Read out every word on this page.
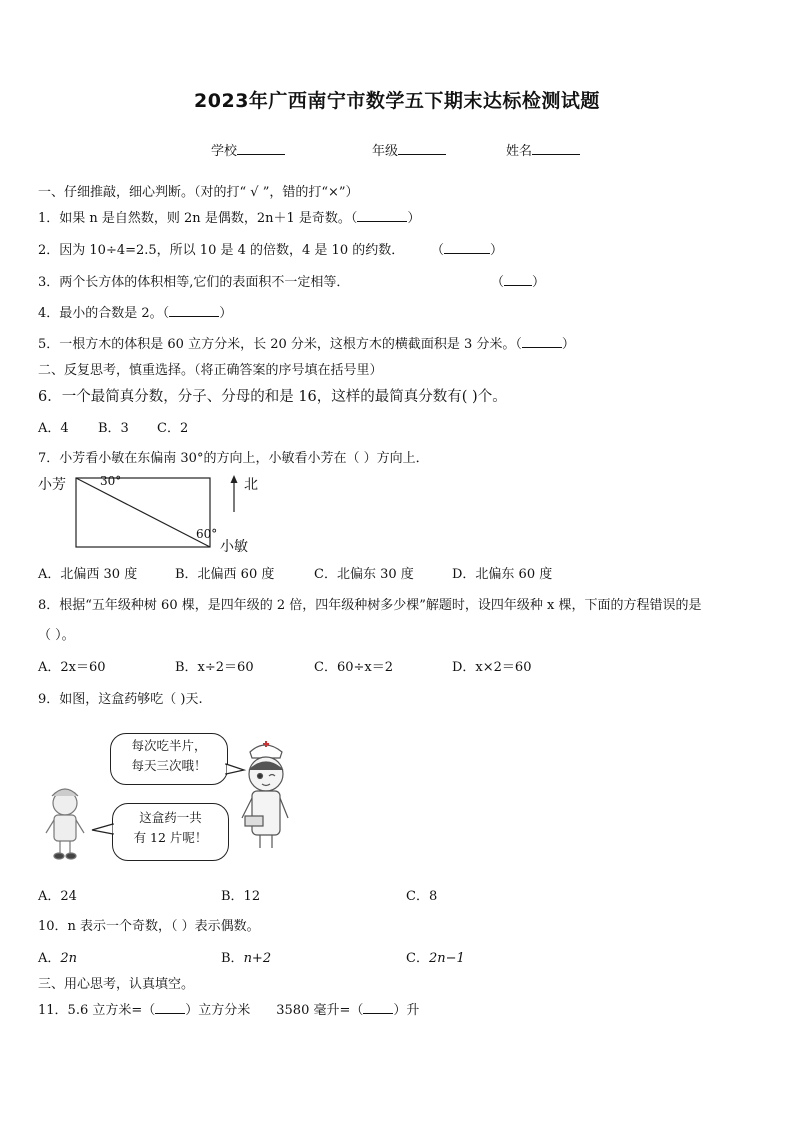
2023年广西南宁市数学五下期末达标检测试题
学校	年级	姓名
一、仔细推敲，细心判断。（对的打“ √ ”，错的打“×”）
1．如果 n 是自然数，则 2n 是偶数，2n＋1 是奇数。（	）
2．因为 10÷4=2.5，所以 10 是 4 的倍数，4 是 10 的约数． （	）
3．两个长方体的体积相等,它们的表面积不一定相等．	（ ）
4．最小的合数是 2。（	）
5．一根方木的体积是 60 立方分米，长 20 分米，这根方木的横截面积是 3 分米。（	）
二、反复思考，慎重选择。（将正确答案的序号填在括号里）
6．一个最简真分数，分子、分母的和是 16，这样的最简真分数有( )个。
A．4 B．3 C．2
7．小芳看小敏在东偏南 30°的方向上，小敏看小芳在（ ）方向上．
小芳	30°	北
60°
小敏
A．北偏西 30 度	B．北偏西 60 度	C．北偏东 30 度	D．北偏东 60 度
8．根据“五年级种树 60 棵，是四年级的 2 倍，四年级种树多少棵”解题时，设四年级种 x 棵，下面的方程错误的是
（ ）。
A．2x＝60	B．x÷2＝60	C．60÷x＝2	D．x×2＝60
9．如图，这盒药够吃（ )天.
每次吃半片，
每天三次哦！
这盒药一共
有 12 片呢！
A．24	B．12	C．8
10．n 表示一个奇数，（ ）表示偶数。
A．2n	B．n+2	C．2n−1
三、用心思考，认真填空。
11．5.6 立方米=（ ）立方分米 3580 毫升=（ ）升
